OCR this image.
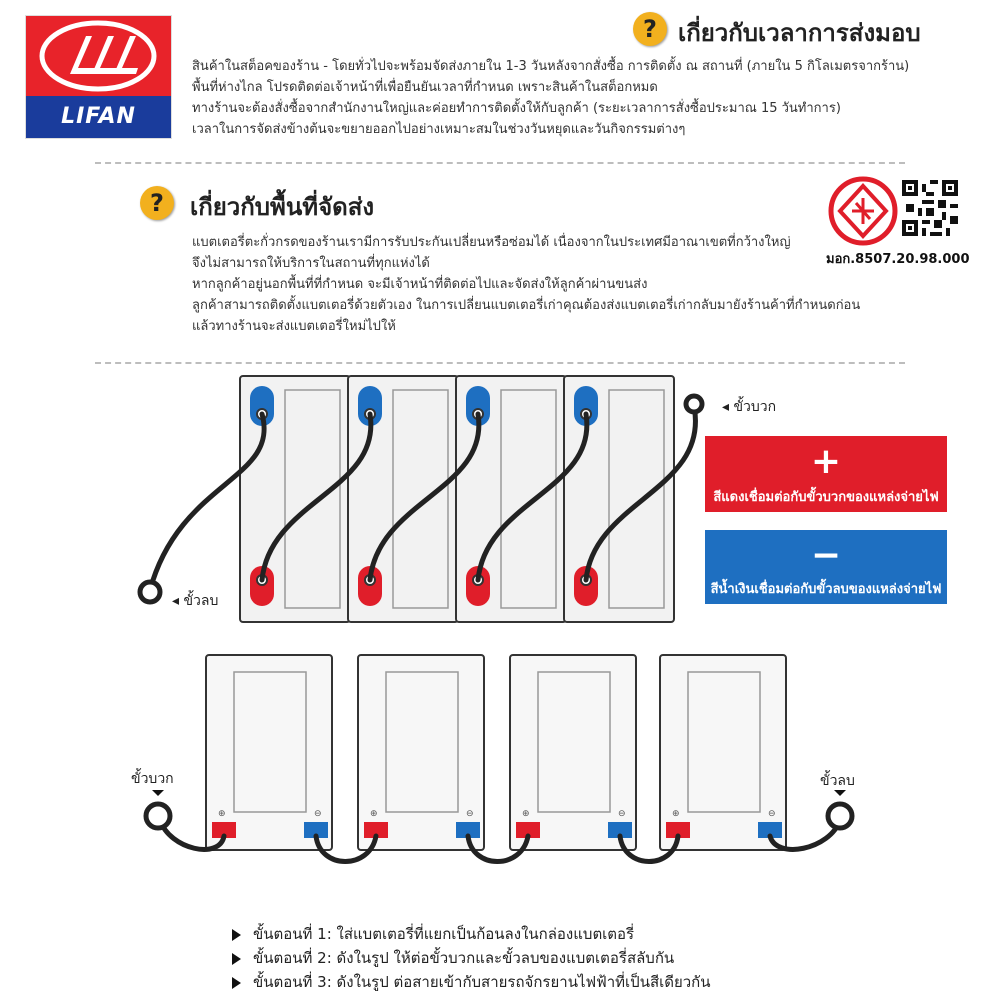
LIFAN
? เกี่ยวกับเวลาการส่งมอบ
สินค้าในสต็อคของร้าน - โดยทั่วไปจะพร้อมจัดส่งภายใน 1-3 วันหลังจากสั่งซื้อ การติดตั้ง ณ สถานที่ (ภายใน 5 กิโลเมตรจากร้าน)
พื้นที่ห่างไกล โปรดติดต่อเจ้าหน้าที่เพื่อยืนยันเวลาที่กำหนด เพราะสินค้าในสต็อกหมด
ทางร้านจะต้องสั่งซื้อจากสำนักงานใหญ่และค่อยทำการติดตั้งให้กับลูกค้า (ระยะเวลาการสั่งซื้อประมาณ 15 วันทำการ)
เวลาในการจัดส่งข้างต้นจะขยายออกไปอย่างเหมาะสมในช่วงวันหยุดและวันกิจกรรมต่างๆ
?	เกี่ยวกับพื้นที่จัดส่ง
แบตเตอรี่ตะกั่วกรดของร้านเรามีการรับประกันเปลี่ยนหรือซ่อมได้ เนื่องจากในประเทศมีอาณาเขตที่กว้างใหญ่
จึงไม่สามารถให้บริการในสถานที่ทุกแห่งได้
หากลูกค้าอยู่นอกพื้นที่ที่กำหนด จะมีเจ้าหน้าที่ติดต่อไปและจัดส่งให้ลูกค้าผ่านขนส่ง
ลูกค้าสามารถติดตั้งแบตเตอรี่ด้วยตัวเอง ในการเปลี่ยนแบตเตอรี่เก่าคุณต้องส่งแบตเตอรี่เก่ากลับมายังร้านค้าที่กำหนดก่อน
แล้วทางร้านจะส่งแบตเตอรี่ใหม่ไปให้
มอก.8507.20.98.000
◂ ขั้วบวก
◂ ขั้วลบ
+
สีแดงเชื่อมต่อกับขั้วบวกของแหล่งจ่ายไฟ
−
สีน้ำเงินเชื่อมต่อกับขั้วลบของแหล่งจ่ายไฟ
⊕	⊖	⊕	⊖	⊕	⊖	⊕	⊖
ขั้วบวก	ขั้วลบ
ขั้นตอนที่ 1: ใส่แบตเตอรี่ที่แยกเป็นก้อนลงในกล่องแบตเตอรี่
ขั้นตอนที่ 2: ดังในรูป ให้ต่อขั้วบวกและขั้วลบของแบตเตอรี่สลับกัน
ขั้นตอนที่ 3: ดังในรูป ต่อสายเข้ากับสายรถจักรยานไฟฟ้าที่เป็นสีเดียวกัน
